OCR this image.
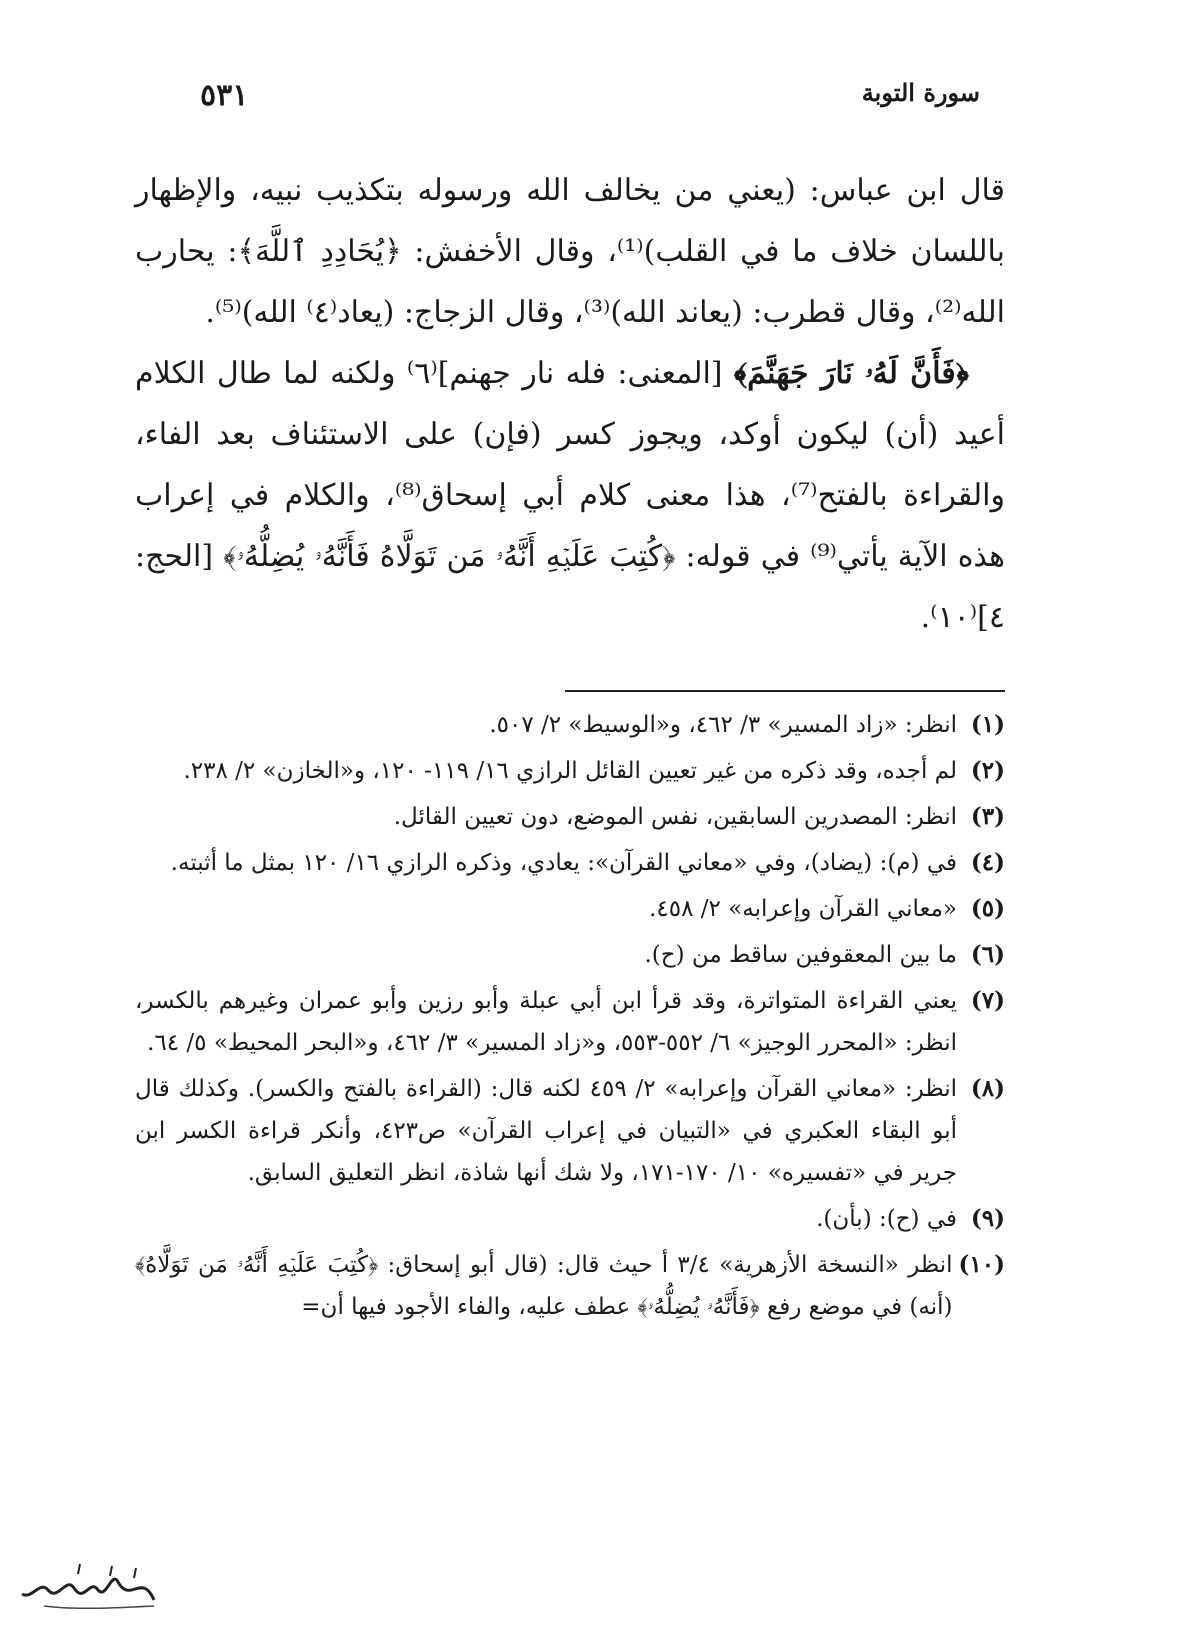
سورة التوبة
٥٣١

قال ابن عباس: (يعني من يخالف الله ورسوله بتكذيب نبيه، والإظهار باللسان خلاف ما في القلب)⁽¹⁾، وقال الأخفش: ﴿يُحَادِدِ ٱللَّهَ﴾: يحارب الله⁽²⁾، وقال قطرب: (يعاند الله)⁽³⁾، وقال الزجاج: (يعاد⁽٤⁾ الله)⁽⁵⁾.

﴿فَأَنَّ لَهُۥ نَارَ جَهَنَّمَ﴾ [المعنى: فله نار جهنم]⁽٦⁾ ولكنه لما طال الكلام أعيد (أن) ليكون أوكد، ويجوز كسر (فإن) على الاستئناف بعد الفاء، والقراءة بالفتح⁽⁷⁾، هذا معنى كلام أبي إسحاق⁽⁸⁾، والكلام في إعراب هذه الآية يأتي⁽⁹⁾ في قوله: ﴿كُتِبَ عَلَيۡهِ أَنَّهُۥ مَن تَوَلَّاهُ فَأَنَّهُۥ يُضِلُّهُۥ﴾ [الحج: ٤]⁽١٠⁾.

(١)
انظر: «زاد المسير» ٣/ ٤٦٢، و«الوسيط» ٢/ ٥٠٧.
(٢)
لم أجده، وقد ذكره من غير تعيين القائل الرازي ١٦/ ١١٩- ١٢٠، و«الخازن» ٢/ ٢٣٨.
(٣)
انظر: المصدرين السابقين، نفس الموضع، دون تعيين القائل.
(٤)
في (م): (يضاد)، وفي «معاني القرآن»: يعادي، وذكره الرازي ١٦/ ١٢٠ بمثل ما أثبته.
(٥)
«معاني القرآن وإعرابه» ٢/ ٤٥٨.
(٦)
ما بين المعقوفين ساقط من (ح).
(٧)
يعني القراءة المتواترة، وقد قرأ ابن أبي عبلة وأبو رزين وأبو عمران وغيرهم بالكسر، انظر: «المحرر الوجيز» ٦/ ٥٥٢-٥٥٣، و«زاد المسير» ٣/ ٤٦٢، و«البحر المحيط» ٥/ ٦٤.
(٨)
انظر: «معاني القرآن وإعرابه» ٢/ ٤٥٩ لكنه قال: (القراءة بالفتح والكسر). وكذلك قال أبو البقاء العكبري في «التبيان في إعراب القرآن» ص٤٢٣، وأنكر قراءة الكسر ابن جرير في «تفسيره» ١٠/ ١٧٠-١٧١، ولا شك أنها شاذة، انظر التعليق السابق.
(٩)
في (ح): (بأن).
(١٠)
انظر «النسخة الأزهرية» ٣/٤ أ حيث قال: (قال أبو إسحاق: ﴿كُتِبَ عَلَيۡهِ أَنَّهُۥ مَن تَوَلَّاهُ﴾ (أنه) في موضع رفع ﴿فَأَنَّهُۥ يُضِلُّهُۥ﴾ عطف عليه، والفاء الأجود فيها أن=
